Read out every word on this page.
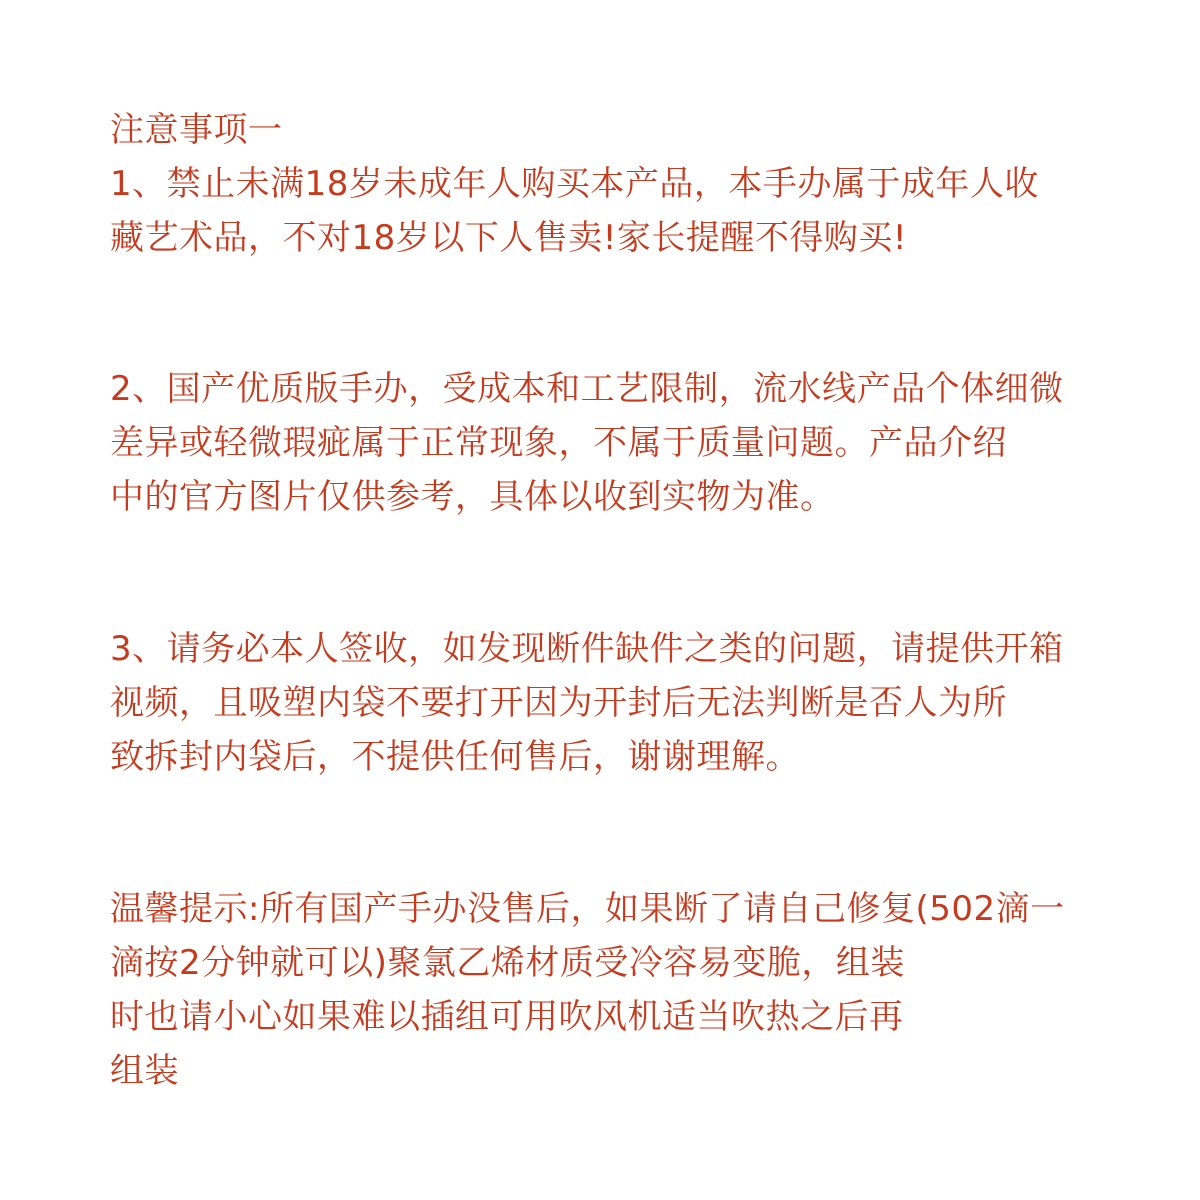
注意事项一

1、禁止未满18岁未成年人购买本产品，本手办属于成年人收

藏艺术品，不对18岁以下人售卖!家长提醒不得购买!

2、国产优质版手办，受成本和工艺限制，流水线产品个体细微

差异或轻微瑕疵属于正常现象，不属于质量问题。产品介绍

中的官方图片仅供参考，具体以收到实物为准。

3、请务必本人签收，如发现断件缺件之类的问题，请提供开箱

视频，且吸塑内袋不要打开因为开封后无法判断是否人为所

致拆封内袋后，不提供任何售后，谢谢理解。

温馨提示:所有国产手办没售后，如果断了请自己修复(502滴一

滴按2分钟就可以)聚氯乙烯材质受冷容易变脆，组装

时也请小心如果难以插组可用吹风机适当吹热之后再

组装
